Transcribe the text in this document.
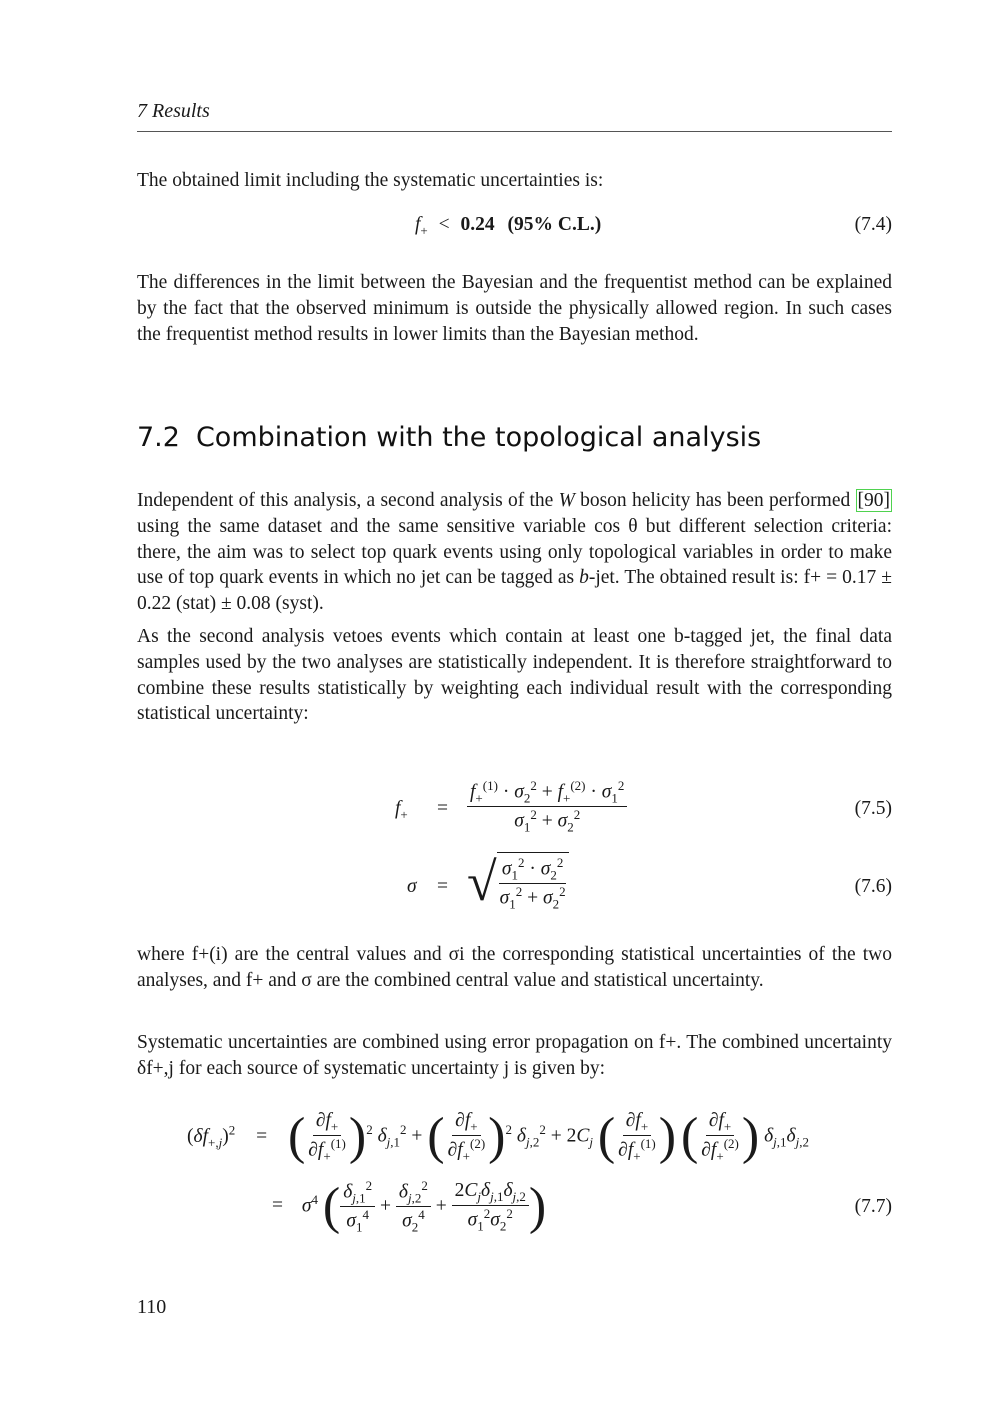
7 Results

The obtained limit including the systematic uncertainties is:

$f_+ < 0.24$ (95% C.L.)	(7.4)

The differences in the limit between the Bayesian and the frequentist method can be explained by the fact that the observed minimum is outside the physically allowed region. In such cases the frequentist method results in lower limits than the Bayesian method.

7.2 Combination with the topological analysis

Independent of this analysis, a second analysis of the W boson helicity has been performed [90] using the same dataset and the same sensitive variable cos θ but different selection criteria: there, the aim was to select top quark events using only topological variables in order to make use of top quark events in which no jet can be tagged as b-jet. The obtained result is: f+ = 0.17 ± 0.22 (stat) ± 0.08 (syst).

As the second analysis vetoes events which contain at least one b-tagged jet, the final data samples used by the two analyses are statistically independent. It is therefore straightforward to combine these results statistically by weighting each individual result with the corresponding statistical uncertainty:

$f_+ = \frac{f_+^{(1)} \cdot \sigma_2^2 + f_+^{(2)} \cdot \sigma_1^2}{\sigma_1^2 + \sigma_2^2}$	(7.5)
σ = √ $\frac{\sigma_1^2 \cdot \sigma_2^2}{\sigma_1^2 + \sigma_2^2}$	(7.6)

where f+(i) are the central values and σi the corresponding statistical uncertainties of the two analyses, and f+ and σ are the combined central value and statistical uncertainty.

Systematic uncertainties are combined using error propagation on f+. The combined uncertainty δf+,j for each source of systematic uncertainty j is given by:

$(\delta f_{+,j})^2$ = ( $\frac{\partial f_+}{\partial f_+^{(1)}} )^2$ $\delta_{j,1}^2$ + ( $\frac{\partial f_+}{\partial f_+^{(2)}} )^2$ $\delta_{j,2}^2 + 2C_j$ ( $\frac{\partial f_+}{\partial f_+^{(1)}}$ ) ( $\frac{\partial f_+}{\partial f_+^{(2)}}$ ) $\delta_{j,1}\delta_{j,2}$
= $\sigma^4$ ( $\frac{\delta_{j,1}^2}{\sigma_1^4} + \frac{\delta_{j,2}^2}{\sigma_2^4} + \frac{2C_j\delta_{j,1}\delta_{j,2}}{\sigma_1^2\sigma_2^2}$ )	(7.7)
110
